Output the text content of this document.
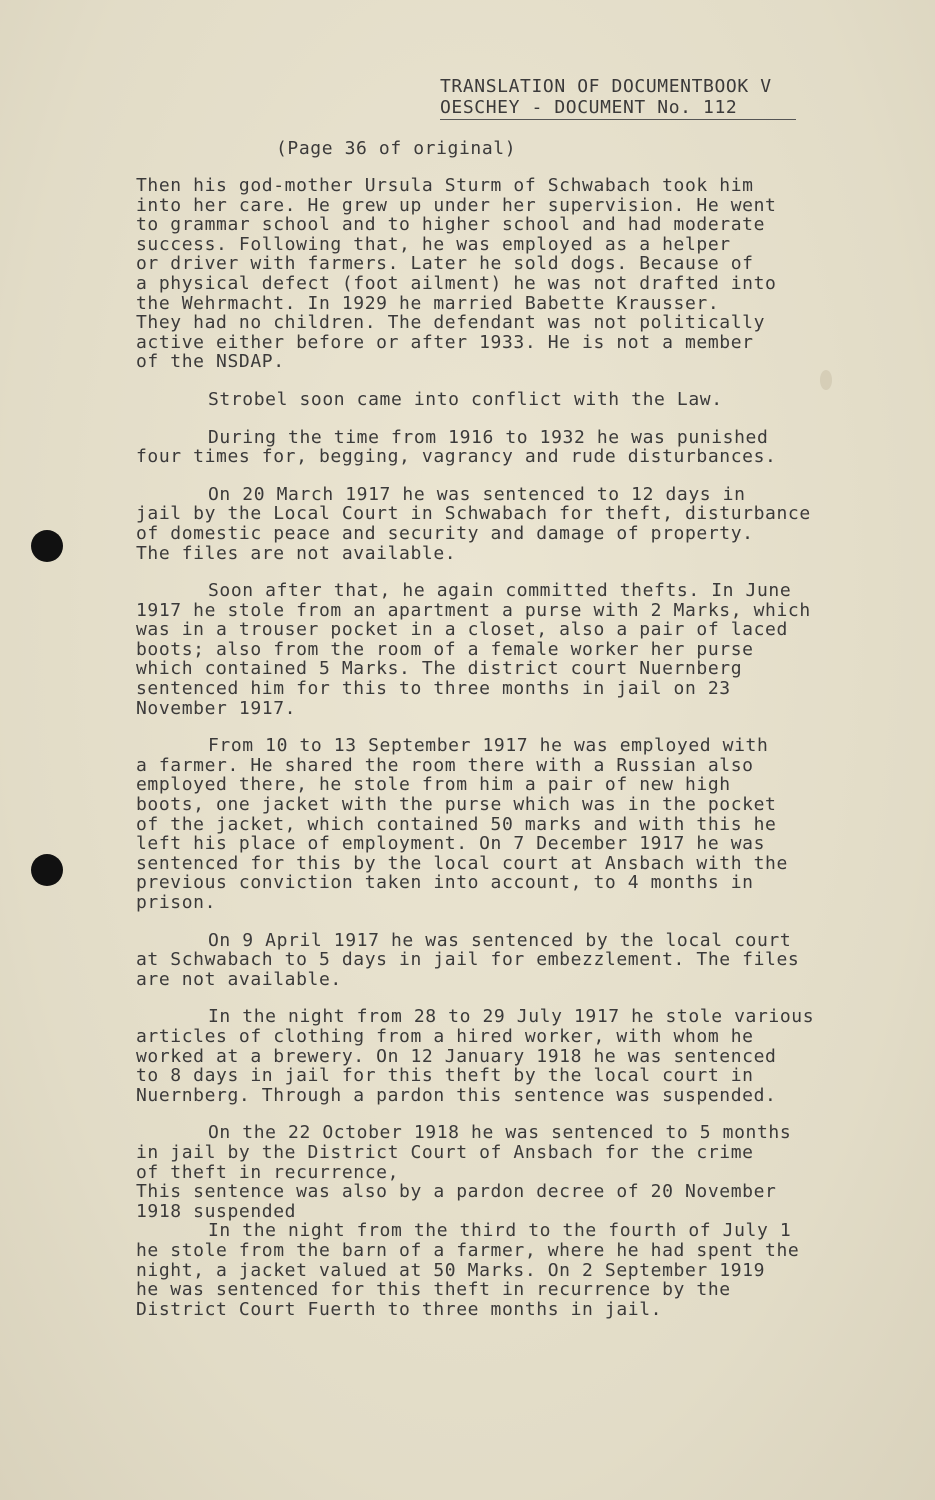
TRANSLATION OF DOCUMENTBOOK V
OESCHEY - DOCUMENT No. 112
(Page 36 of original)

Then his god-mother Ursula Sturm of Schwabach took him
into her care. He grew up under her supervision. He went
to grammar school and to higher school and had moderate
success. Following that, he was employed as a helper
or driver with farmers. Later he sold dogs. Because of
a physical defect (foot ailment) he was not drafted into
the Wehrmacht. In 1929 he married Babette Krausser.
They had no children. The defendant was not politically
active either before or after 1933. He is not a member
of the NSDAP.

Strobel soon came into conflict with the Law.

During the time from 1916 to 1932 he was punished
four times for, begging, vagrancy and rude disturbances.

On 20 March 1917 he was sentenced to 12 days in
jail by the Local Court in Schwabach for theft, disturbance
of domestic peace and security and damage of property.
The files are not available.

Soon after that, he again committed thefts. In June
1917 he stole from an apartment a purse with 2 Marks, which
was in a trouser pocket in a closet, also a pair of laced
boots; also from the room of a female worker her purse
which contained 5 Marks. The district court Nuernberg
sentenced him for this to three months in jail on 23
November 1917.

From 10 to 13 September 1917 he was employed with
a farmer. He shared the room there with a Russian also
employed there, he stole from him a pair of new high
boots, one jacket with the purse which was in the pocket
of the jacket, which contained 50 marks and with this he
left his place of employment. On 7 December 1917 he was
sentenced for this by the local court at Ansbach with the
previous conviction taken into account, to 4 months in
prison.

On 9 April 1917 he was sentenced by the local court
at Schwabach to 5 days in jail for embezzlement. The files
are not available.

In the night from 28 to 29 July 1917 he stole various
articles of clothing from a hired worker, with whom he
worked at a brewery. On 12 January 1918 he was sentenced
to 8 days in jail for this theft by the local court in
Nuernberg. Through a pardon this sentence was suspended.

On the 22 October 1918 he was sentenced to 5 months
in jail by the District Court of Ansbach for the crime
of theft in recurrence,
This sentence was also by a pardon decree of 20 November
1918 suspended

In the night from the third to the fourth of July 1
he stole from the barn of a farmer, where he had spent the
night, a jacket valued at 50 Marks. On 2 September 1919
he was sentenced for this theft in recurrence by the
District Court Fuerth to three months in jail.
